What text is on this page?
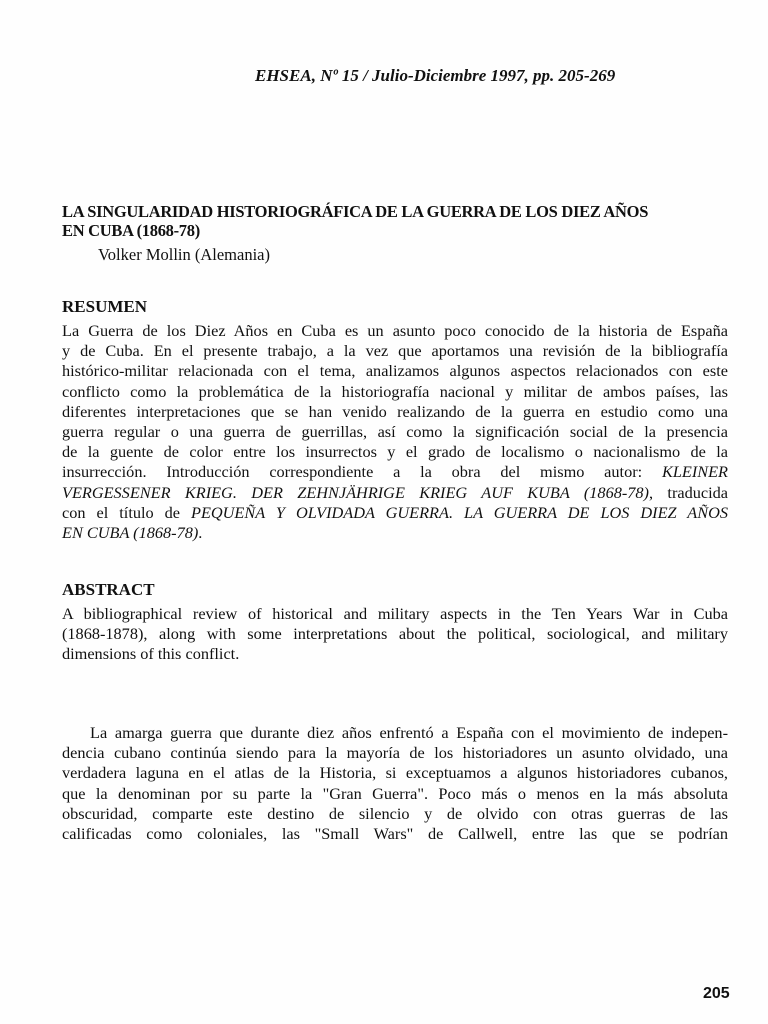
EHSEA, Nº 15 / Julio-Diciembre 1997, pp. 205-269
LA SINGULARIDAD HISTORIOGRÁFICA DE LA GUERRA DE LOS DIEZ AÑOS
EN CUBA (1868-78)
Volker Mollin (Alemania)
RESUMEN
La Guerra de los Diez Años en Cuba es un asunto poco conocido de la historia de España
y de Cuba. En el presente trabajo, a la vez que aportamos una revisión de la bibliografía
histórico-militar relacionada con el tema, analizamos algunos aspectos relacionados con este
conflicto como la problemática de la historiografía nacional y militar de ambos países, las
diferentes interpretaciones que se han venido realizando de la guerra en estudio como una
guerra regular o una guerra de guerrillas, así como la significación social de la presencia
de la guente de color entre los insurrectos y el grado de localismo o nacionalismo de la
insurrección. Introducción correspondiente a la obra del mismo autor: KLEINER
VERGESSENER KRIEG. DER ZEHNJÄHRIGE KRIEG AUF KUBA (1868-78), traducida
con el título de PEQUEÑA Y OLVIDADA GUERRA. LA GUERRA DE LOS DIEZ AÑOS
EN CUBA (1868-78).
ABSTRACT
A bibliographical review of historical and military aspects in the Ten Years War in Cuba
(1868-1878), along with some interpretations about the political, sociological, and military
dimensions of this conflict.
La amarga guerra que durante diez años enfrentó a España con el movimiento de indepen-
dencia cubano continúa siendo para la mayoría de los historiadores un asunto olvidado, una
verdadera laguna en el atlas de la Historia, si exceptuamos a algunos historiadores cubanos,
que la denominan por su parte la "Gran Guerra". Poco más o menos en la más absoluta
obscuridad, comparte este destino de silencio y de olvido con otras guerras de las
calificadas como coloniales, las "Small Wars" de Callwell, entre las que se podrían
205
